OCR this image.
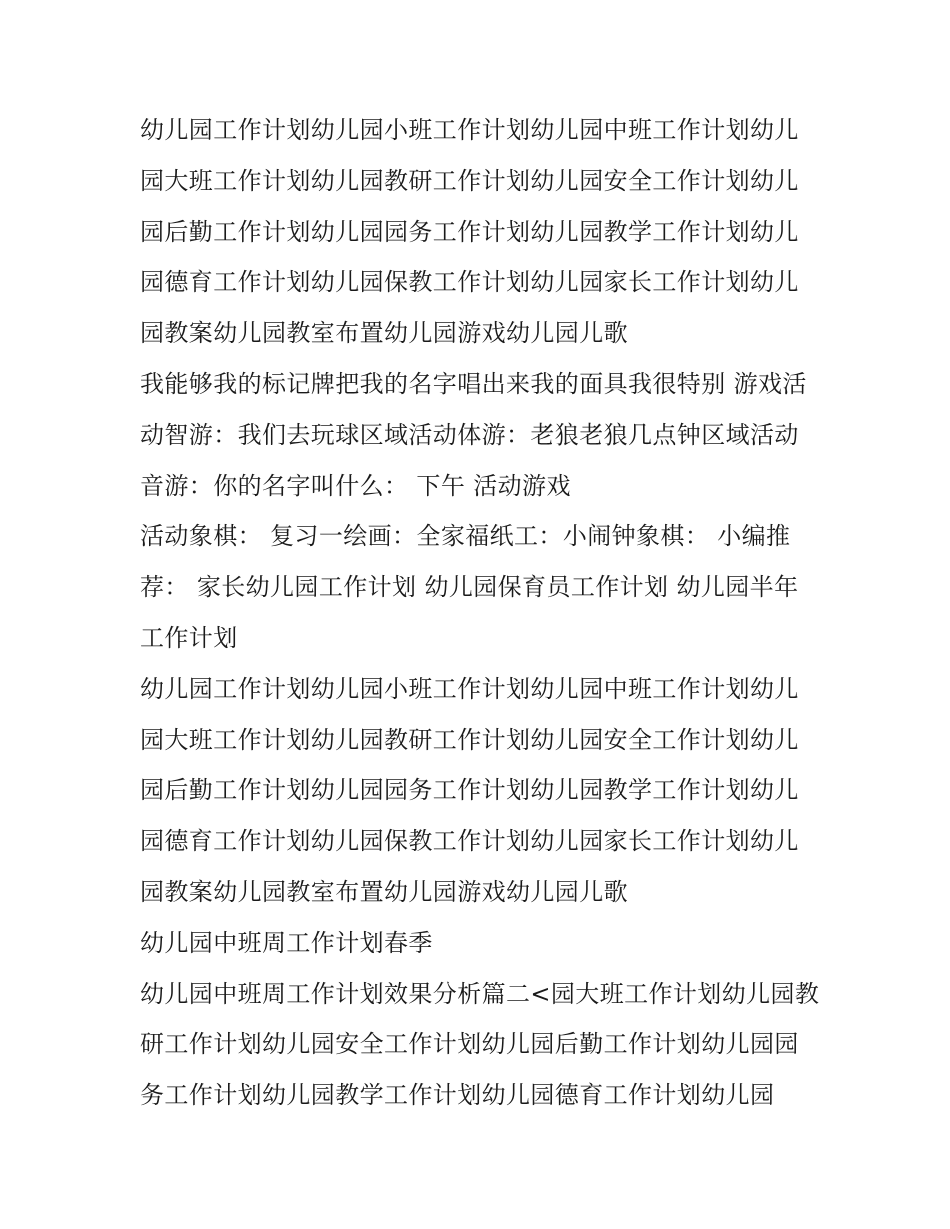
幼儿园工作计划幼儿园小班工作计划幼儿园中班工作计划幼儿园大班工作计划幼儿园教研工作计划幼儿园安全工作计划幼儿园后勤工作计划幼儿园园务工作计划幼儿园教学工作计划幼儿园德育工作计划幼儿园保教工作计划幼儿园家长工作计划幼儿园教案幼儿园教室布置幼儿园游戏幼儿园儿歌

我能够我的标记牌把我的名字唱出来我的面具我很特别 游戏活动智游：我们去玩球区域活动体游：老狼老狼几点钟区域活动音游：你的名字叫什么： 下午 活动游戏

活动象棋： 复习一绘画：全家福纸工：小闹钟象棋： 小编推荐： 家长幼儿园工作计划 幼儿园保育员工作计划 幼儿园半年工作计划

幼儿园工作计划幼儿园小班工作计划幼儿园中班工作计划幼儿园大班工作计划幼儿园教研工作计划幼儿园安全工作计划幼儿园后勤工作计划幼儿园园务工作计划幼儿园教学工作计划幼儿园德育工作计划幼儿园保教工作计划幼儿园家长工作计划幼儿园教案幼儿园教室布置幼儿园游戏幼儿园儿歌

幼儿园中班周工作计划春季

幼儿园中班周工作计划效果分析篇二<园大班工作计划幼儿园教研工作计划幼儿园安全工作计划幼儿园后勤工作计划幼儿园园务工作计划幼儿园教学工作计划幼儿园德育工作计划幼儿园
